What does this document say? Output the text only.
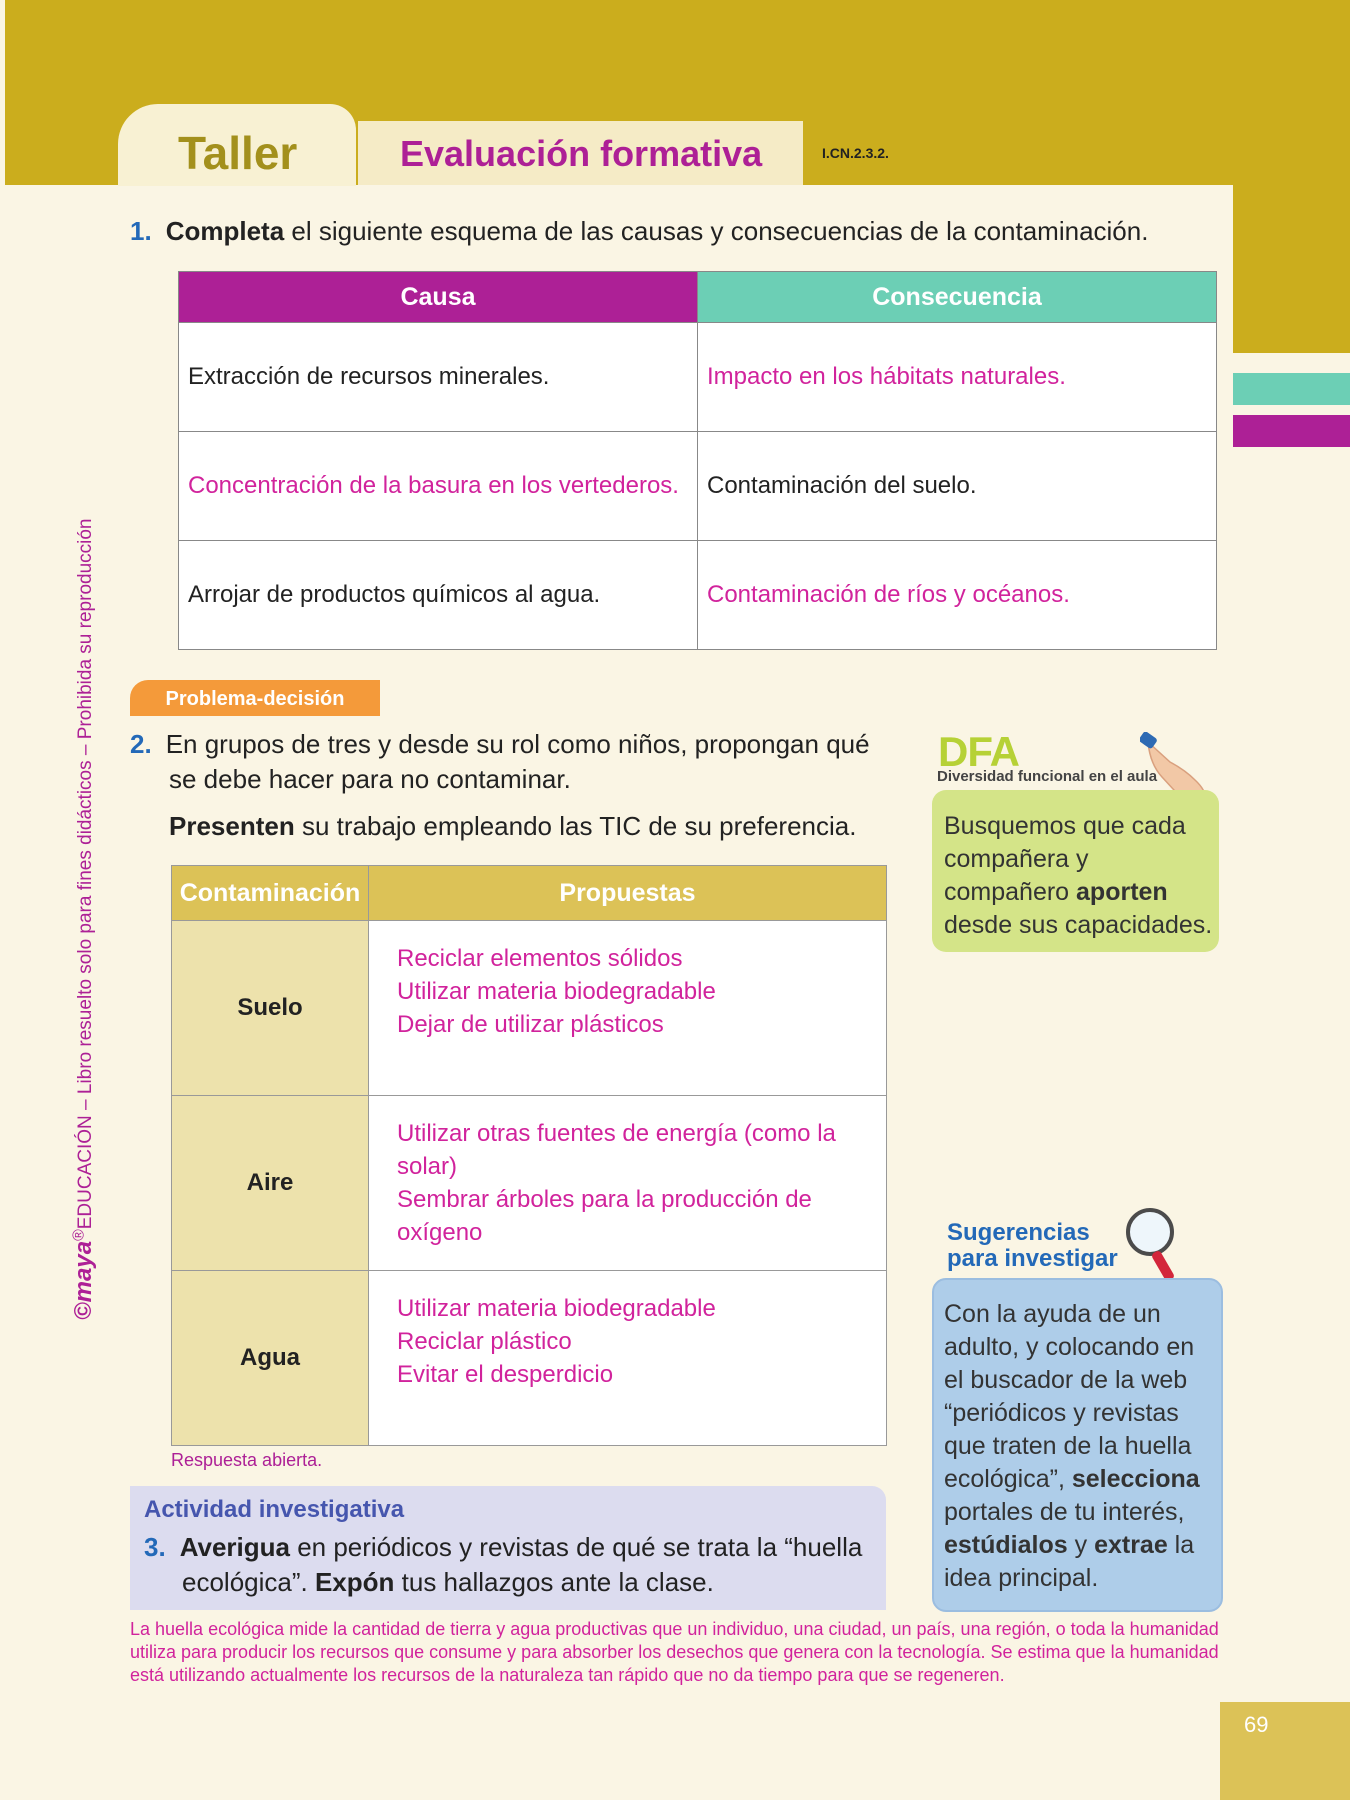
Taller	Evaluación formativa	I.CN.2.3.2.
©maya®EDUCACIÓN – Libro resuelto solo para fines didácticos – Prohibida su reproducción
1. Completa el siguiente esquema de las causas y consecuencias de la contaminación.
Causa	Consecuencia
Extracción de recursos minerales.	Impacto en los hábitats naturales.
Concentración de la basura en los vertederos.	Contaminación del suelo.
Arrojar de productos químicos al agua.	Contaminación de ríos y océanos.
Problema-decisión
2. En grupos de tres y desde su rol como niños, propongan qué
se debe hacer para no contaminar.
Presenten su trabajo empleando las TIC de su preferencia.
Contaminación	Propuestas
Suelo	Reciclar elementos sólidos
Utilizar materia biodegradable
Dejar de utilizar plásticos

Aire	Utilizar otras fuentes de energía (como la
solar)
Sembrar árboles para la producción de
oxígeno

Agua	Utilizar materia biodegradable
Reciclar plástico
Evitar el desperdicio
Respuesta abierta.
Actividad investigativa
3. Averigua en periódicos y revistas de qué se trata la “huella ecológica”. Expón tus hallazgos ante la clase.
La huella ecológica mide la cantidad de tierra y agua productivas que un individuo, una ciudad, un país, una región, o toda la humanidad utiliza para producir los recursos que consume y para absorber los desechos que genera con la tecnología. Se estima que la humanidad está utilizando actualmente los recursos de la naturaleza tan rápido que no da tiempo para que se regeneren.
DFA
Diversidad funcional en el aula
Busquemos que cada compañera y compañero aporten desde sus capacidades.
Sugerencias
para investigar
Con la ayuda de un adulto, y colocando en el buscador de la web “periódicos y revistas que traten de la huella ecológica”, selecciona portales de tu interés, estúdialos y extrae la idea principal.
69
